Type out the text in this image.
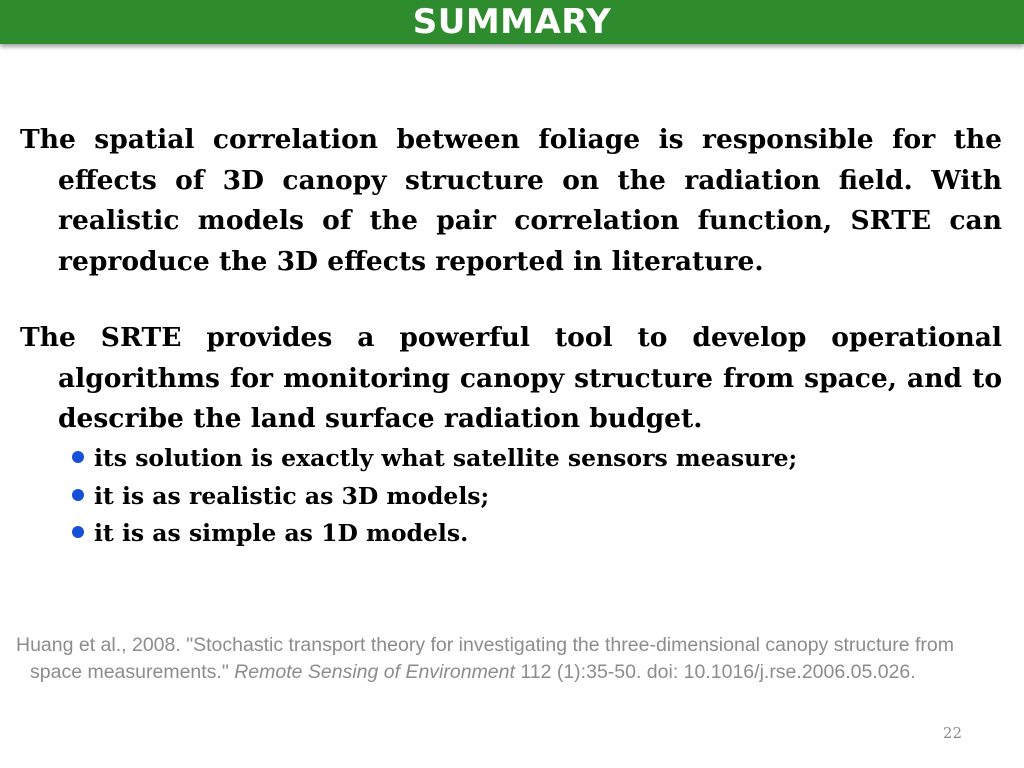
SUMMARY
The spatial correlation between foliage is responsible for the effects of 3D canopy structure on the radiation field. With realistic models of the pair correlation function, SRTE can reproduce the 3D effects reported in literature.
The SRTE provides a powerful tool to develop operational algorithms for monitoring canopy structure from space, and to describe the land surface radiation budget.
its solution is exactly what satellite sensors measure;
it is as realistic as 3D models;
it is as simple as 1D models.
Huang et al., 2008. "Stochastic transport theory for investigating the three-dimensional canopy structure from space measurements." Remote Sensing of Environment 112 (1):35-50. doi: 10.1016/j.rse.2006.05.026.
22
